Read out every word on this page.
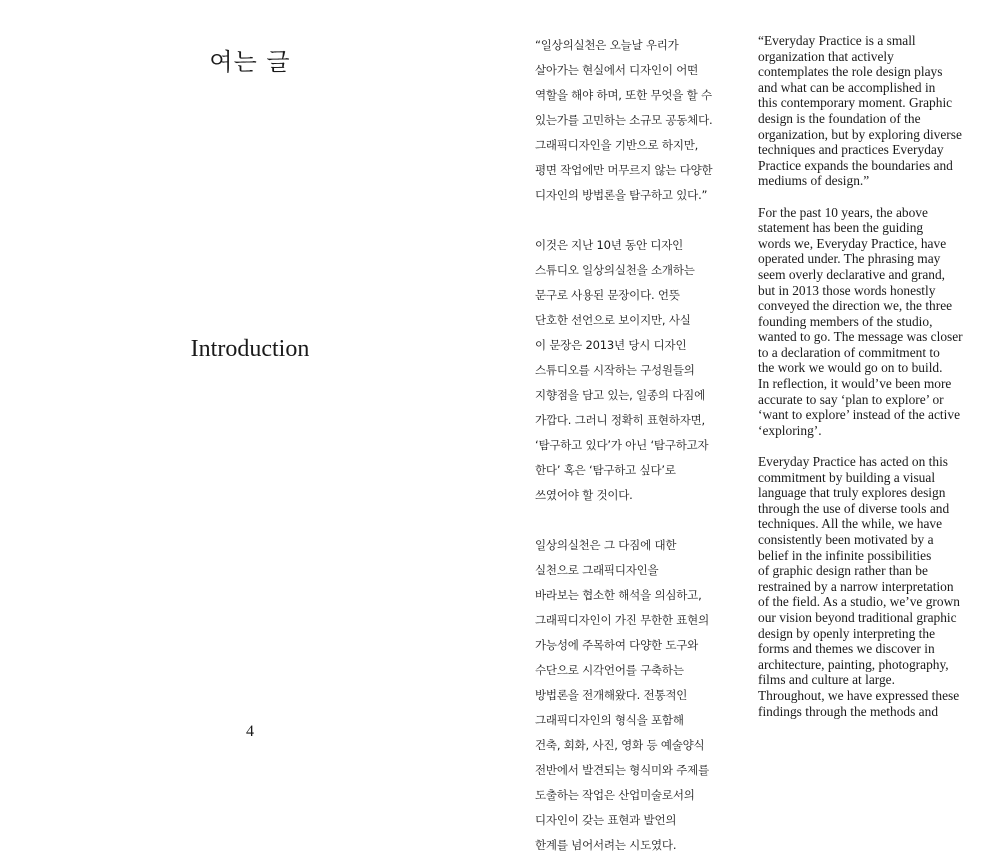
여는 글
Introduction
4
“일상의실천은 오늘날 우리가
살아가는 현실에서 디자인이 어떤
역할을 해야 하며, 또한 무엇을 할 수
있는가를 고민하는 소규모 공동체다.
그래픽디자인을 기반으로 하지만,
평면 작업에만 머무르지 않는 다양한
디자인의 방법론을 탐구하고 있다.”
이것은 지난 10년 동안 디자인
스튜디오 일상의실천을 소개하는
문구로 사용된 문장이다. 언뜻
단호한 선언으로 보이지만, 사실
이 문장은 2013년 당시 디자인
스튜디오를 시작하는 구성원들의
지향점을 담고 있는, 일종의 다짐에
가깝다. 그러니 정확히 표현하자면,
‘탐구하고 있다’가 아닌 ‘탐구하고자
한다’ 혹은 ‘탐구하고 싶다’로
쓰였어야 할 것이다.
일상의실천은 그 다짐에 대한
실천으로 그래픽디자인을
바라보는 협소한 해석을 의심하고,
그래픽디자인이 가진 무한한 표현의
가능성에 주목하여 다양한 도구와
수단으로 시각언어를 구축하는
방법론을 전개해왔다. 전통적인
그래픽디자인의 형식을 포함해
건축, 회화, 사진, 영화 등 예술양식
전반에서 발견되는 형식미와 주제를
도출하는 작업은 산업미술로서의
디자인이 갖는 표현과 발언의
한계를 넘어서려는 시도였다.
“Everyday Practice is a small
organization that actively
contemplates the role design plays
and what can be accomplished in
this contemporary moment. Graphic
design is the foundation of the
organization, but by exploring diverse
techniques and practices Everyday
Practice expands the boundaries and
mediums of design.”
For the past 10 years, the above
statement has been the guiding
words we, Everyday Practice, have
operated under. The phrasing may
seem overly declarative and grand,
but in 2013 those words honestly
conveyed the direction we, the three
founding members of the studio,
wanted to go. The message was closer
to a declaration of commitment to
the work we would go on to build.
In reflection, it would’ve been more
accurate to say ‘plan to explore’ or
‘want to explore’ instead of the active
‘exploring’.
Everyday Practice has acted on this
commitment by building a visual
language that truly explores design
through the use of diverse tools and
techniques. All the while, we have
consistently been motivated by a
belief in the infinite possibilities
of graphic design rather than be
restrained by a narrow interpretation
of the field. As a studio, we’ve grown
our vision beyond traditional graphic
design by openly interpreting the
forms and themes we discover in
architecture, painting, photography,
films and culture at large.
Throughout, we have expressed these
findings through the methods and
